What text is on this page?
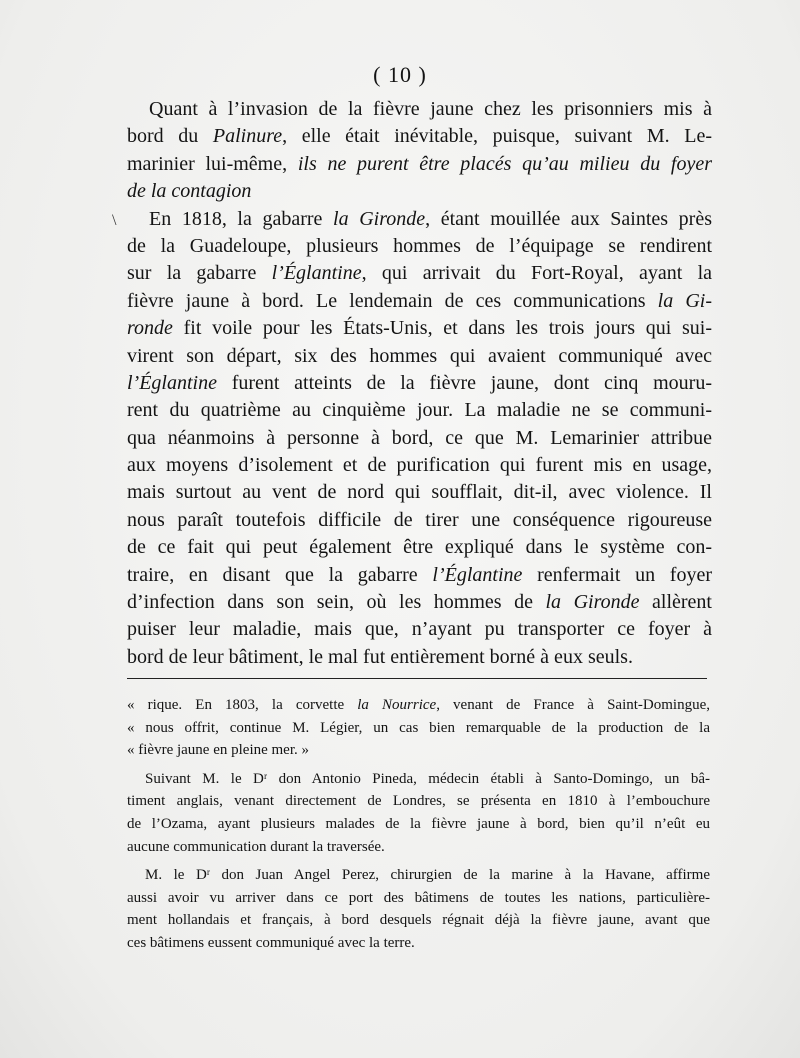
( 10 )
\
Quant à l’invasion de la fièvre jaune chez les prisonniers mis à
bord du Palinure, elle était inévitable, puisque, suivant M. Le-
marinier lui-même, ils ne purent être placés qu’au milieu du foyer
de la contagion
En 1818, la gabarre la Gironde, étant mouillée aux Saintes près
de la Guadeloupe, plusieurs hommes de l’équipage se rendirent
sur la gabarre l’Églantine, qui arrivait du Fort-Royal, ayant la
fièvre jaune à bord. Le lendemain de ces communications la Gi-
ronde fit voile pour les États-Unis, et dans les trois jours qui sui-
virent son départ, six des hommes qui avaient communiqué avec
l’Églantine furent atteints de la fièvre jaune, dont cinq mouru-
rent du quatrième au cinquième jour. La maladie ne se communi-
qua néanmoins à personne à bord, ce que M. Lemarinier attribue
aux moyens d’isolement et de purification qui furent mis en usage,
mais surtout au vent de nord qui soufflait, dit-il, avec violence. Il
nous paraît toutefois difficile de tirer une conséquence rigoureuse
de ce fait qui peut également être expliqué dans le système con-
traire, en disant que la gabarre l’Églantine renfermait un foyer
d’infection dans son sein, où les hommes de la Gironde allèrent
puiser leur maladie, mais que, n’ayant pu transporter ce foyer à
bord de leur bâtiment, le mal fut entièrement borné à eux seuls.
« rique. En 1803, la corvette la Nourrice, venant de France à Saint-Domingue,
« nous offrit, continue M. Légier, un cas bien remarquable de la production de la
« fièvre jaune en pleine mer. »
Suivant M. le Dʳ don Antonio Pineda, médecin établi à Santo-Domingo, un bâ-
timent anglais, venant directement de Londres, se présenta en 1810 à l’embouchure
de l’Ozama, ayant plusieurs malades de la fièvre jaune à bord, bien qu’il n’eût eu
aucune communication durant la traversée.
M. le Dʳ don Juan Angel Perez, chirurgien de la marine à la Havane, affirme
aussi avoir vu arriver dans ce port des bâtimens de toutes les nations, particulière-
ment hollandais et français, à bord desquels régnait déjà la fièvre jaune, avant que
ces bâtimens eussent communiqué avec la terre.
